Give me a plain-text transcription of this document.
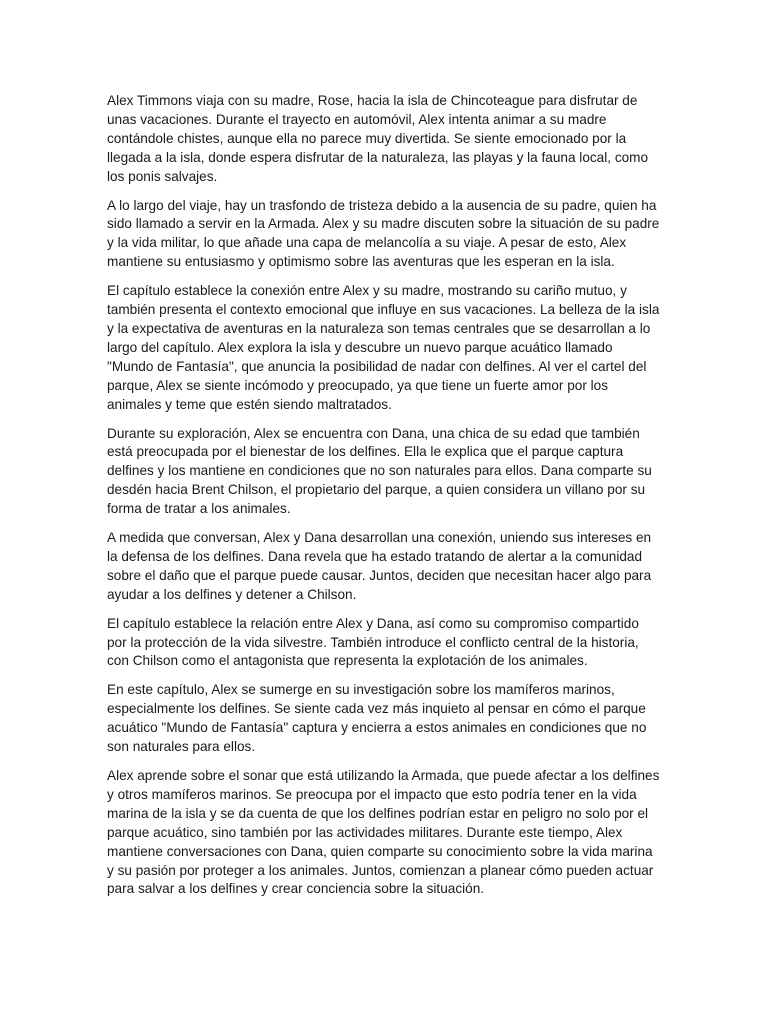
Alex Timmons viaja con su madre, Rose, hacia la isla de Chincoteague para disfrutar de unas vacaciones. Durante el trayecto en automóvil, Alex intenta animar a su madre contándole chistes, aunque ella no parece muy divertida. Se siente emocionado por la llegada a la isla, donde espera disfrutar de la naturaleza, las playas y la fauna local, como los ponis salvajes.

A lo largo del viaje, hay un trasfondo de tristeza debido a la ausencia de su padre, quien ha sido llamado a servir en la Armada. Alex y su madre discuten sobre la situación de su padre y la vida militar, lo que añade una capa de melancolía a su viaje. A pesar de esto, Alex mantiene su entusiasmo y optimismo sobre las aventuras que les esperan en la isla.

El capítulo establece la conexión entre Alex y su madre, mostrando su cariño mutuo, y también presenta el contexto emocional que influye en sus vacaciones. La belleza de la isla y la expectativa de aventuras en la naturaleza son temas centrales que se desarrollan a lo largo del capítulo. Alex explora la isla y descubre un nuevo parque acuático llamado "Mundo de Fantasía", que anuncia la posibilidad de nadar con delfines. Al ver el cartel del parque, Alex se siente incómodo y preocupado, ya que tiene un fuerte amor por los animales y teme que estén siendo maltratados.

Durante su exploración, Alex se encuentra con Dana, una chica de su edad que también está preocupada por el bienestar de los delfines. Ella le explica que el parque captura delfines y los mantiene en condiciones que no son naturales para ellos. Dana comparte su desdén hacia Brent Chilson, el propietario del parque, a quien considera un villano por su forma de tratar a los animales.

A medida que conversan, Alex y Dana desarrollan una conexión, uniendo sus intereses en la defensa de los delfines. Dana revela que ha estado tratando de alertar a la comunidad sobre el daño que el parque puede causar. Juntos, deciden que necesitan hacer algo para ayudar a los delfines y detener a Chilson.

El capítulo establece la relación entre Alex y Dana, así como su compromiso compartido por la protección de la vida silvestre. También introduce el conflicto central de la historia, con Chilson como el antagonista que representa la explotación de los animales.

En este capítulo, Alex se sumerge en su investigación sobre los mamíferos marinos, especialmente los delfines. Se siente cada vez más inquieto al pensar en cómo el parque acuático "Mundo de Fantasía" captura y encierra a estos animales en condiciones que no son naturales para ellos.

Alex aprende sobre el sonar que está utilizando la Armada, que puede afectar a los delfines y otros mamíferos marinos. Se preocupa por el impacto que esto podría tener en la vida marina de la isla y se da cuenta de que los delfines podrían estar en peligro no solo por el parque acuático, sino también por las actividades militares. Durante este tiempo, Alex mantiene conversaciones con Dana, quien comparte su conocimiento sobre la vida marina y su pasión por proteger a los animales. Juntos, comienzan a planear cómo pueden actuar para salvar a los delfines y crear conciencia sobre la situación.
